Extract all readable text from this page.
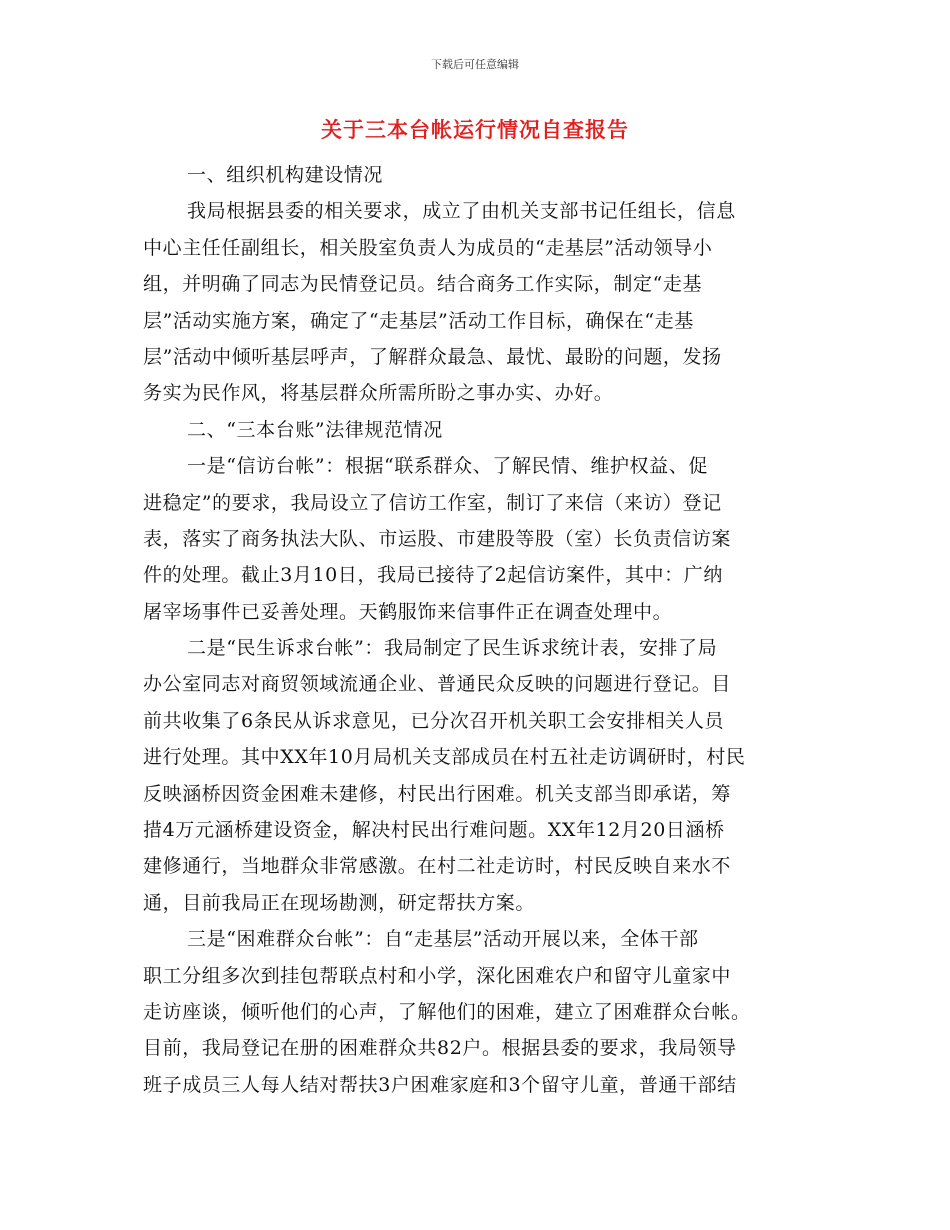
下载后可任意编辑
关于三本台帐运行情况自查报告
一、组织机构建设情况
我局根据县委的相关要求，成立了由机关支部书记任组长，信息
中心主任任副组长，相关股室负责人为成员的“走基层”活动领导小
组，并明确了同志为民情登记员。结合商务工作实际，制定“走基
层”活动实施方案，确定了“走基层”活动工作目标，确保在“走基
层”活动中倾听基层呼声，了解群众最急、最忧、最盼的问题，发扬
务实为民作风，将基层群众所需所盼之事办实、办好。
二、“三本台账”法律规范情况
一是“信访台帐”：根据“联系群众、了解民情、维护权益、促
进稳定”的要求，我局设立了信访工作室，制订了来信（来访）登记
表，落实了商务执法大队、市运股、市建股等股（室）长负责信访案
件的处理。截止3月10日，我局已接待了2起信访案件，其中：广纳
屠宰场事件已妥善处理。天鹤服饰来信事件正在调查处理中。
二是“民生诉求台帐”：我局制定了民生诉求统计表，安排了局
办公室同志对商贸领域流通企业、普通民众反映的问题进行登记。目
前共收集了6条民从诉求意见，已分次召开机关职工会安排相关人员
进行处理。其中XX年10月局机关支部成员在村五社走访调研时，村民
反映涵桥因资金困难未建修，村民出行困难。机关支部当即承诺，筹
措4万元涵桥建设资金，解决村民出行难问题。XX年12月20日涵桥
建修通行，当地群众非常感激。在村二社走访时，村民反映自来水不
通，目前我局正在现场勘测，研定帮扶方案。
三是“困难群众台帐”：自“走基层”活动开展以来，全体干部
职工分组多次到挂包帮联点村和小学，深化困难农户和留守儿童家中
走访座谈，倾听他们的心声，了解他们的困难，建立了困难群众台帐。
目前，我局登记在册的困难群众共82户。根据县委的要求，我局领导
班子成员三人每人结对帮扶3户困难家庭和3个留守儿童，普通干部结
